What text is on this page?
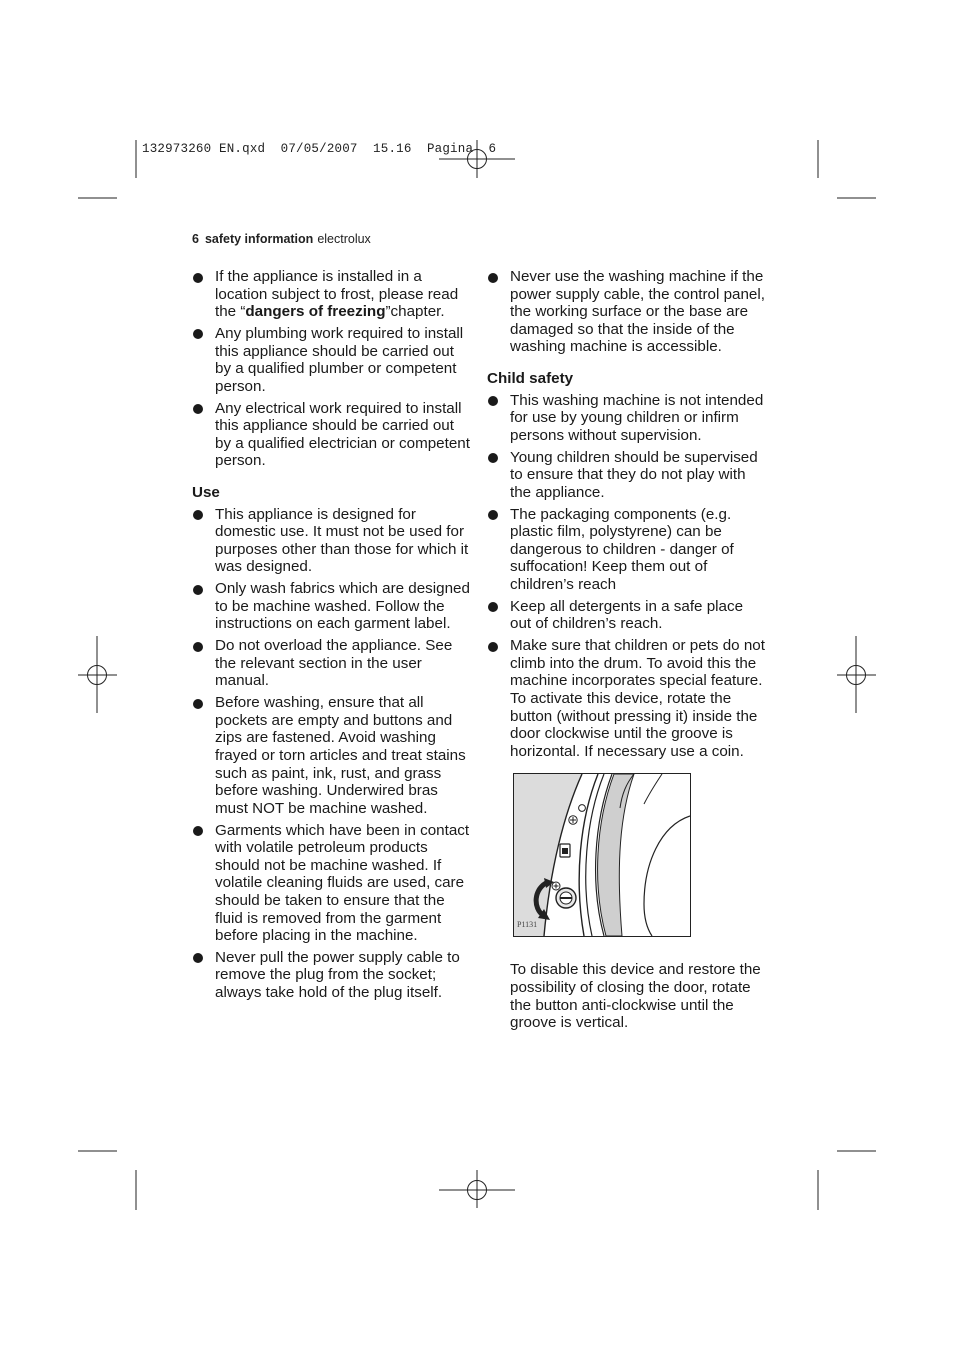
132973260 EN.qxd  07/05/2007  15.16  Pagina  6
6 safety information electrolux
If the appliance is installed in a location subject to frost, please read the “dangers of freezing”chapter.
Any plumbing work required to install this appliance should be carried out by a qualified plumber or competent person.
Any electrical work required to install this appliance should be carried out by a qualified electrician or competent person.
Use
This appliance is designed for domestic use. It must not be used for purposes other than those for which it was designed.
Only wash fabrics which are designed to be machine washed. Follow the instructions on each garment label.
Do not overload the appliance. See the relevant section in the user manual.
Before washing, ensure that all pockets are empty and buttons and zips are fastened. Avoid washing frayed or torn articles and treat stains such as paint, ink, rust, and grass before washing. Underwired bras must NOT be machine washed.
Garments which have been in contact with volatile petroleum products should not be machine washed. If volatile cleaning fluids are used, care should be taken to ensure that the fluid is removed from the garment before placing in the machine.
Never pull the power supply cable to remove the plug from the socket; always take hold of the plug itself.
Never use the washing machine if the power supply cable, the control panel, the working surface or the base are damaged so that the inside of the washing machine is accessible.
Child safety
This washing machine is not intended for use by young children or infirm persons without supervision.
Young children should be supervised to ensure that they do not play with the appliance.
The packaging components (e.g. plastic film, polystyrene) can be dangerous to children - danger of suffocation! Keep them out of children’s reach
Keep all detergents in a safe place out of children’s reach.
Make sure that children or pets do not climb into the drum. To avoid this the machine incorporates special feature. To activate this device, rotate the button (without pressing it) inside the door clockwise until the groove is horizontal. If necessary use a coin.
P1131

To disable this device and restore the possibility of closing the door, rotate the button anti-clockwise until the groove is vertical.
